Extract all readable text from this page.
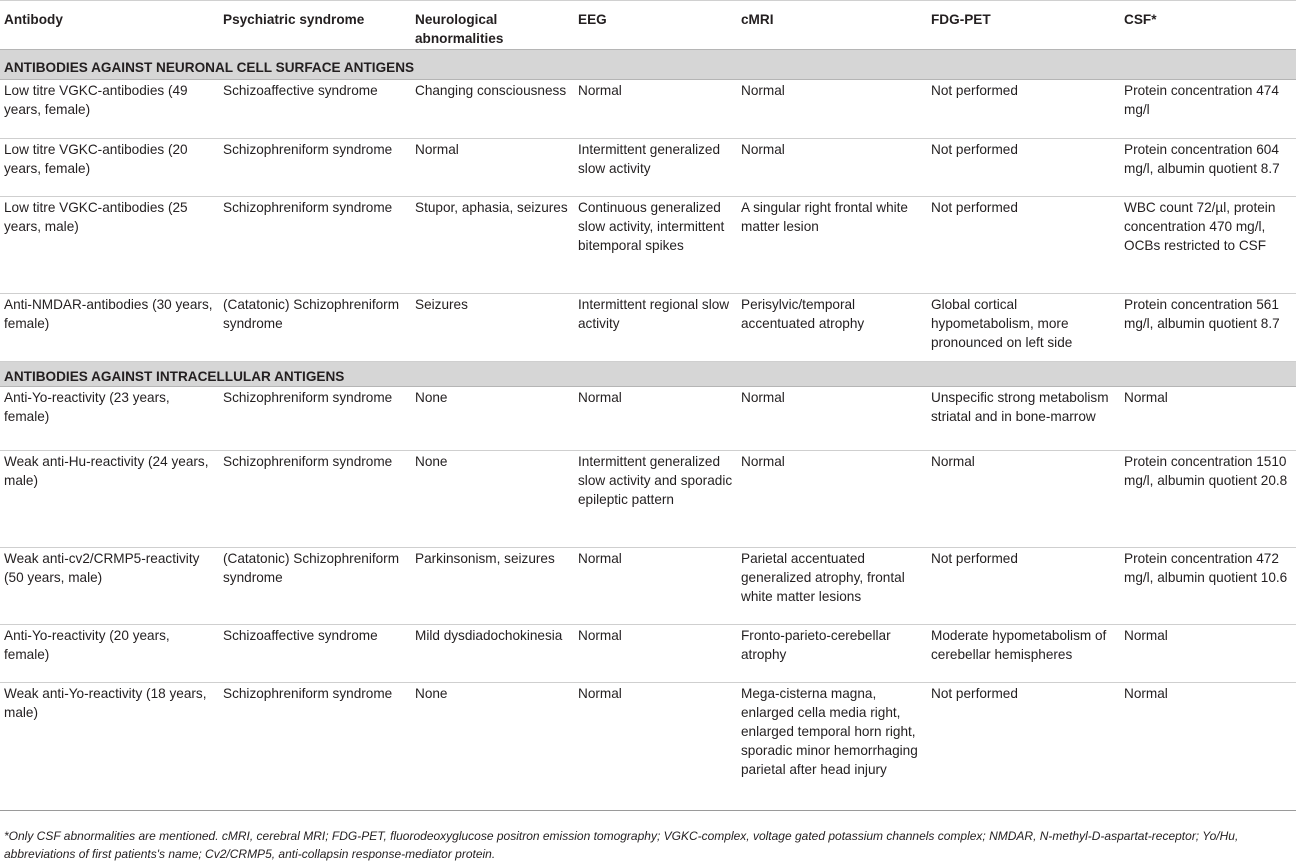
Antibody	Psychiatric syndrome	Neurological abnormalities	EEG	cMRI	FDG-PET	CSF*
ANTIBODIES AGAINST NEURONAL CELL SURFACE ANTIGENS						
Low titre VGKC-antibodies (49 years, female)	Schizoaffective syndrome	Changing consciousness	Normal	Normal	Not performed	Protein concentration 474 mg/l
Low titre VGKC-antibodies (20 years, female)	Schizophreniform syndrome	Normal	Intermittent generalized slow activity	Normal	Not performed	Protein concentration 604 mg/l, albumin quotient 8.7
Low titre VGKC-antibodies (25 years, male)	Schizophreniform syndrome	Stupor, aphasia, seizures	Continuous generalized slow activity, intermittent bitemporal spikes	A singular right frontal white matter lesion	Not performed	WBC count 72/µl, protein concentration 470 mg/l, OCBs restricted to CSF
Anti-NMDAR-antibodies (30 years, female)	(Catatonic) Schizophreniform syndrome	Seizures	Intermittent regional slow activity	Perisylvic/temporal accentuated atrophy	Global cortical hypometabolism, more pronounced on left side	Protein concentration 561 mg/l, albumin quotient 8.7
ANTIBODIES AGAINST INTRACELLULAR ANTIGENS						
Anti-Yo-reactivity (23 years, female)	Schizophreniform syndrome	None	Normal	Normal	Unspecific strong metabolism striatal and in bone-marrow	Normal
Weak anti-Hu-reactivity (24 years, male)	Schizophreniform syndrome	None	Intermittent generalized slow activity and sporadic epileptic pattern	Normal	Normal	Protein concentration 1510 mg/l, albumin quotient 20.8
Weak anti-cv2/CRMP5-reactivity (50 years, male)	(Catatonic) Schizophreniform syndrome	Parkinsonism, seizures	Normal	Parietal accentuated generalized atrophy, frontal white matter lesions	Not performed	Protein concentration 472 mg/l, albumin quotient 10.6
Anti-Yo-reactivity (20 years, female)	Schizoaffective syndrome	Mild dysdiadochokinesia	Normal	Fronto-parieto-cerebellar atrophy	Moderate hypometabolism of cerebellar hemispheres	Normal
Weak anti-Yo-reactivity (18 years, male)	Schizophreniform syndrome	None	Normal	Mega-cisterna magna, enlarged cella media right, enlarged temporal horn right, sporadic minor hemorrhaging parietal after head injury	Not performed	Normal
*Only CSF abnormalities are mentioned. cMRI, cerebral MRI; FDG-PET, fluorodeoxyglucose positron emission tomography; VGKC-complex, voltage gated potassium channels complex; NMDAR, N-methyl-D-aspartat-receptor; Yo/Hu, abbreviations of first patients's name; Cv2/CRMP5, anti-collapsin response-mediator protein.
